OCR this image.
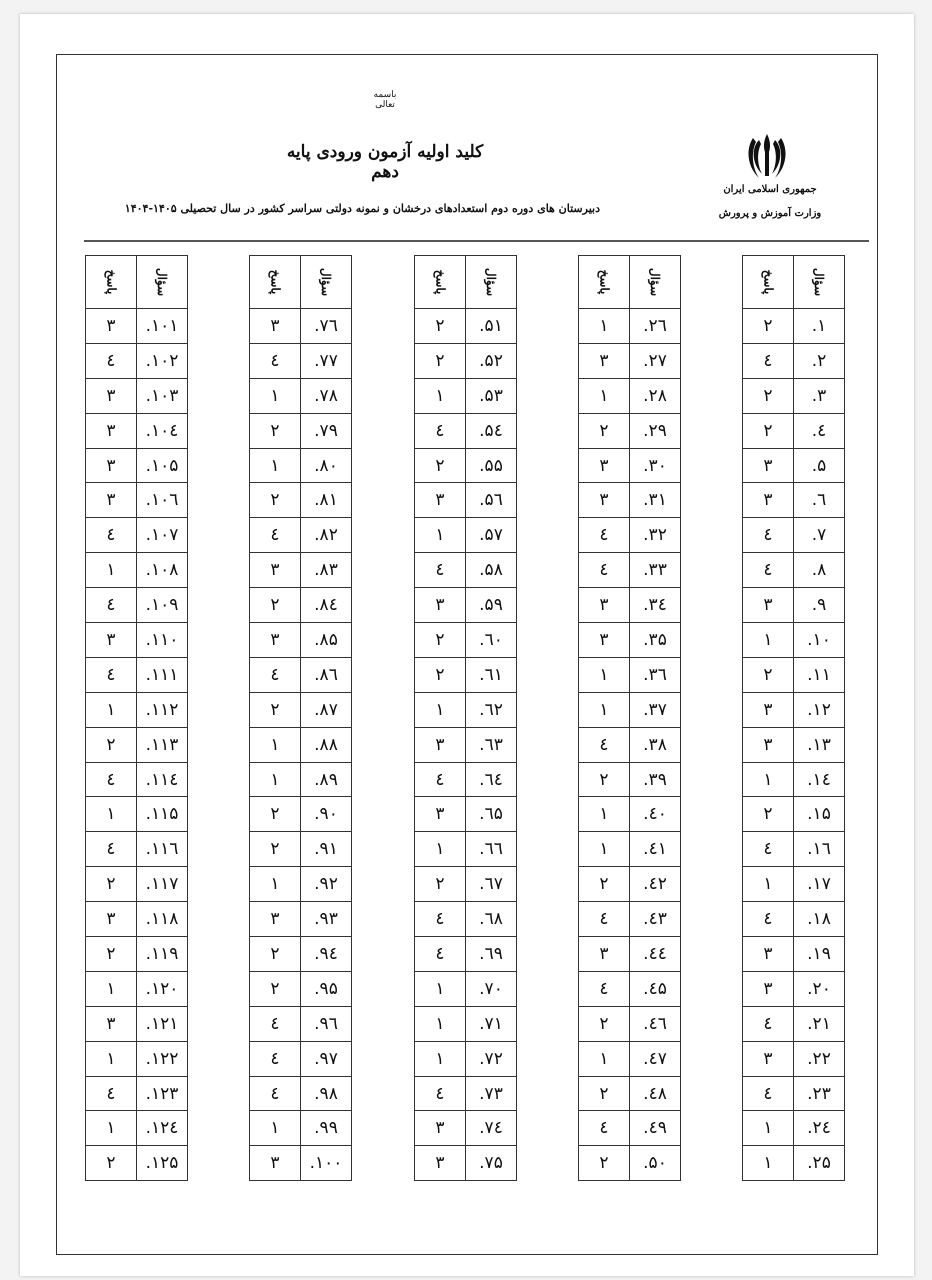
باسمه تعالی
کلید اولیه آزمون ورودی پایه دهم
دبیرستان های دوره دوم استعدادهای درخشان و نمونه دولتی سراسر کشور در سال تحصیلی ۱۴۰۵-۱۴۰۴
جمهوری اسلامی ایران
وزارت آموزش و پرورش
پاسخ	سؤال
۲	.۱
٤	.۲
۲	.۳
۲	.٤
۳	.۵
۳	.٦
٤	.۷
٤	.۸
۳	.۹
۱	.۱۰
۲	.۱۱
۳	.۱۲
۳	.۱۳
۱	.۱٤
۲	.۱۵
٤	.۱٦
۱	.۱۷
٤	.۱۸
۳	.۱۹
۳	.۲۰
٤	.۲۱
۳	.۲۲
٤	.۲۳
۱	.۲٤
۱	.۲۵
پاسخ	سؤال
۱	.۲٦
۳	.۲۷
۱	.۲۸
۲	.۲۹
۳	.۳۰
۳	.۳۱
٤	.۳۲
٤	.۳۳
۳	.۳٤
۳	.۳۵
۱	.۳٦
۱	.۳۷
٤	.۳۸
۲	.۳۹
۱	.٤۰
۱	.٤۱
۲	.٤۲
٤	.٤۳
۳	.٤٤
٤	.٤۵
۲	.٤٦
۱	.٤۷
۲	.٤۸
٤	.٤۹
۲	.۵۰
پاسخ	سؤال
۲	.۵۱
۲	.۵۲
۱	.۵۳
٤	.۵٤
۲	.۵۵
۳	.۵٦
۱	.۵۷
٤	.۵۸
۳	.۵۹
۲	.٦۰
۲	.٦۱
۱	.٦۲
۳	.٦۳
٤	.٦٤
۳	.٦۵
۱	.٦٦
۲	.٦۷
٤	.٦۸
٤	.٦۹
۱	.۷۰
۱	.۷۱
۱	.۷۲
٤	.۷۳
۳	.۷٤
۳	.۷۵
پاسخ	سؤال
۳	.۷٦
٤	.۷۷
۱	.۷۸
۲	.۷۹
۱	.۸۰
۲	.۸۱
٤	.۸۲
۳	.۸۳
۲	.۸٤
۳	.۸۵
٤	.۸٦
۲	.۸۷
۱	.۸۸
۱	.۸۹
۲	.۹۰
۲	.۹۱
۱	.۹۲
۳	.۹۳
۲	.۹٤
۲	.۹۵
٤	.۹٦
٤	.۹۷
٤	.۹۸
۱	.۹۹
۳	.۱۰۰
پاسخ	سؤال
۳	.۱۰۱
٤	.۱۰۲
۳	.۱۰۳
۳	.۱۰٤
۳	.۱۰۵
۳	.۱۰٦
٤	.۱۰۷
۱	.۱۰۸
٤	.۱۰۹
۳	.۱۱۰
٤	.۱۱۱
۱	.۱۱۲
۲	.۱۱۳
٤	.۱۱٤
۱	.۱۱۵
٤	.۱۱٦
۲	.۱۱۷
۳	.۱۱۸
۲	.۱۱۹
۱	.۱۲۰
۳	.۱۲۱
۱	.۱۲۲
٤	.۱۲۳
۱	.۱۲٤
۲	.۱۲۵
